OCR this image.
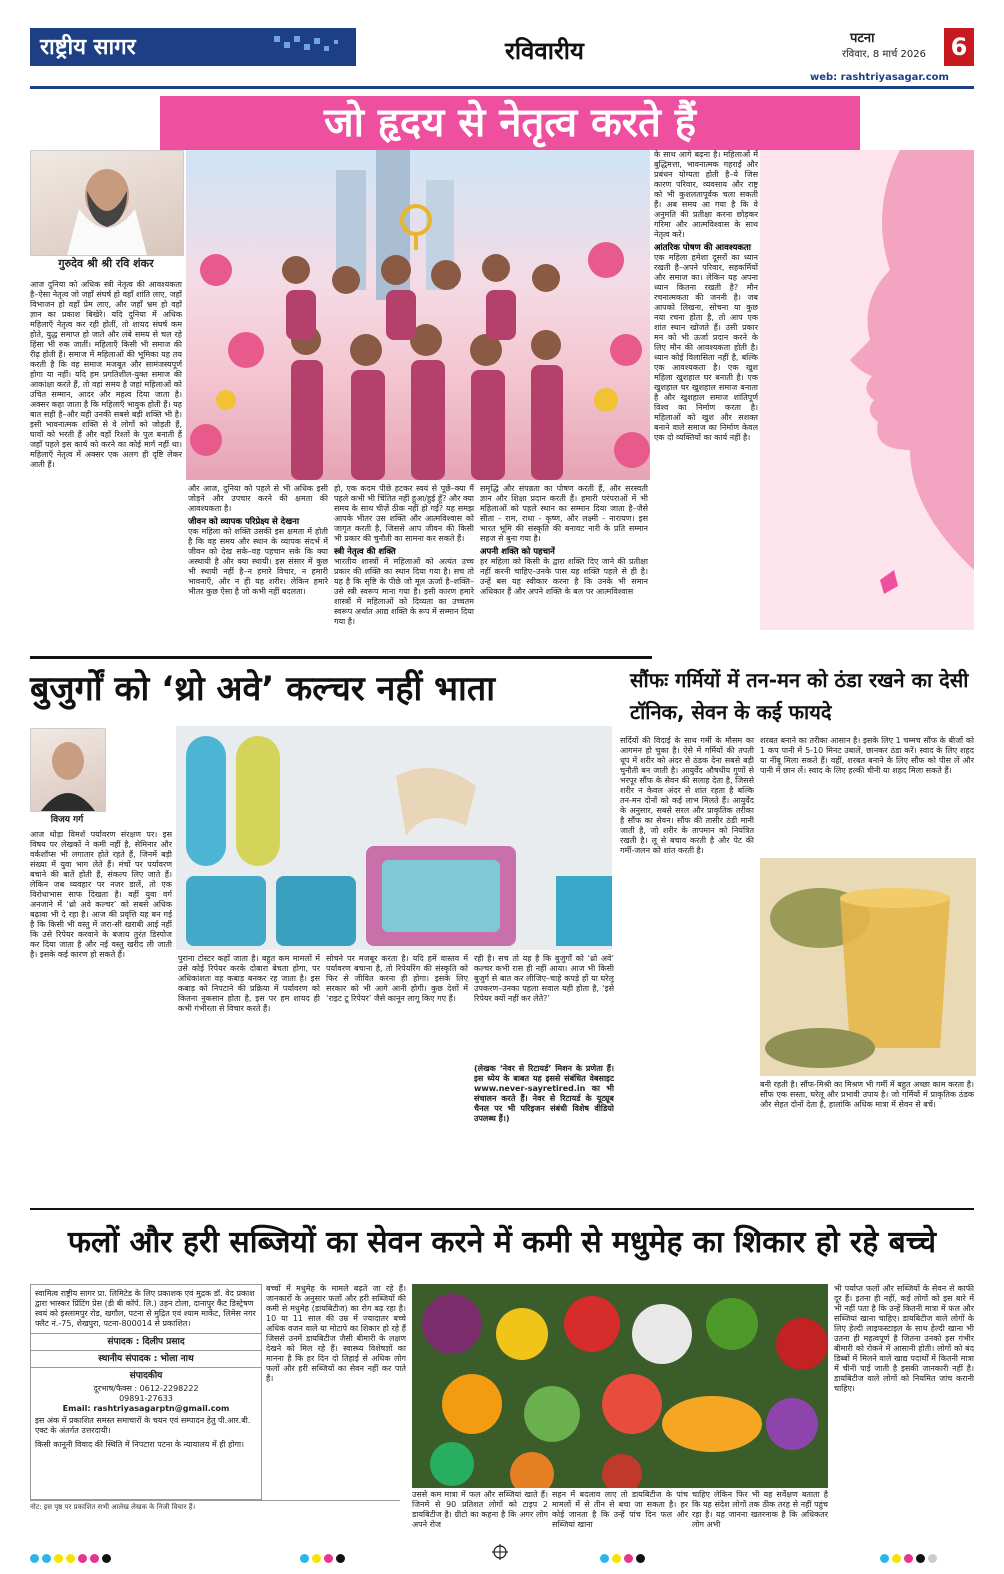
राष्ट्रीय सागर	रविवारीय	पटना
रविवार, 8 मार्च 2026 6
web: rashtriyasagar.com
जो हृदय से नेतृत्व करते हैं
गुरुदेव श्री श्री रवि शंकर
आज दुनिया को अधिक स्त्री नेतृत्व की आवश्यकता है–ऐसा नेतृत्व जो जहाँ संघर्ष हो वहाँ शांति लाए, जहाँ विभाजन हो वहाँ प्रेम लाए, और जहाँ भ्रम हो वहाँ ज्ञान का प्रकाश बिखेरे। यदि दुनिया में अधिक महिलाएँ नेतृत्व कर रही होतीं, तो शायद संघर्ष कम होते, युद्ध समाप्त हो जाते और लंबे समय से चल रहे हिंसा भी रुक जातीं। महिलाएँ किसी भी समाज की रीढ़ होती हैं। समाज में महिलाओं की भूमिका यह तय करती है कि वह समाज मजबूत और सामंजस्यपूर्ण होगा या नहीं। यदि हम प्रगतिशील-युक्त समाज की आकांक्षा करते हैं, तो वहां समय है जहां महिलाओं को उचित सम्मान, आदर और महत्व दिया जाता है। अक्सर कहा जाता है कि महिलाएँ भावुक होती हैं। यह बात सही है–और यही उनकी सबसे बड़ी शक्ति भी है। इसी भावनात्मक शक्ति से वे लोगों को जोड़ती हैं, घावों को भरती हैं और वहाँ रिश्तों के पुल बनाती हैं जहाँ पहले इस कार्य को करने का कोई मार्ग नहीं था। महिलाएँ नेतृत्व में अक्सर एक अलग ही दृष्टि लेकर आती हैं।
और आज, दुनिया को पहले से भी अधिक इसी जोड़ने और उपचार करने की क्षमता की आवश्यकता है।
जीवन को व्यापक परिप्रेक्ष्य से देखना
एक महिला को शक्ति उसकी इस क्षमता में होती है कि वह समय और स्थान के व्यापक संदर्भ में जीवन को देख सके–वह पहचान सके कि क्या अस्थायी है और क्या स्थायी। इस संसार में कुछ भी स्थायी नहीं है–न हमारे विचार, न हमारी भावनाएँ, और न ही यह शरीर। लेकिन हमारे भीतर कुछ ऐसा है जो कभी नहीं बदलता।
हो, एक कदम पीछे हटकर स्वयं से पूछें–क्या मैं पहले कभी भी चिंतित नहीं हुआ/हुई हूँ? और क्या समय के साथ चीज़ें ठीक नहीं हो गईं? यह समझ आपके भीतर उस शक्ति और आत्मविश्वास को जागृत करती है, जिससे आप जीवन की किसी भी प्रकार की चुनौती का सामना कर सकते हैं।
स्त्री नेतृत्व की शक्ति
भारतीय शास्त्रों में महिलाओं को अत्यंत उच्च प्रकार की शक्ति का स्थान दिया गया है। सच तो यह है कि सृष्टि के पीछे जो मूल ऊर्जा है–शक्ति–उसे स्त्री स्वरूप माना गया है। इसी कारण हमारे शास्त्रों में महिलाओं को दिव्यता का उच्चतम स्वरूप अर्थात आद्य शक्ति के रूप में सम्मान दिया गया है।
समृद्धि और संपन्नता का पोषण करती हैं, और सरस्वती ज्ञान और शिक्षा प्रदान करती हैं। हमारी परंपराओं में भी महिलाओं को पहले स्थान का सम्मान दिया जाता है–जैसे सीता - राम, राधा - कृष्ण, और लक्ष्मी - नारायण। इस भारत भूमि की संस्कृति की बनावट नारी के प्रति सम्मान सहज से बुना गया है।
अपनी शक्ति को पहचानें
हर महिला को किसी के द्वारा शक्ति दिए जाने की प्रतीक्षा नहीं करनी चाहिए–उनके पास यह शक्ति पहले से ही है। उन्हें बस यह स्वीकार करना है कि उनके भी समान अधिकार हैं और अपने शक्ति के बल पर आत्मविश्वास
के साथ आगे बढ़ना है। महिलाओं में बुद्धिमत्ता, भावनात्मक गहराई और प्रबंधन योग्यता होती है–ये जिस कारण परिवार, व्यवसाय और राष्ट्र को भी कुशलतापूर्वक चला सकती हैं। अब समय आ गया है कि वे अनुमति की प्रतीक्षा करना छोड़कर गरिमा और आत्मविश्वास के साथ नेतृत्व करें।
आंतरिक पोषण की आवश्यकता
एक महिला हमेशा दूसरों का ध्यान रखती है–अपने परिवार, सहकर्मियों और समाज का। लेकिन यह अपना ध्यान कितना रखती है? मौन रचनात्मकता की जननी है। जब आपको लिखना, सोचना या कुछ नया रचना होता है, तो आप एक शांत स्थान खोजते हैं। उसी प्रकार मन को भी ऊर्जा प्रदान करने के लिए मौन की आवश्यकता होती है। ध्यान कोई विलासिता नहीं है, बल्कि एक आवश्यकता है। एक खुश महिला खुशहाल घर बनाती है। एक खुशहाल घर खुशहाल समाज बनाता है और खुशहाल समाज शांतिपूर्ण विश्व का निर्माण करता है। महिलाओं को खुश और सशक्त बनाने वाले समाज का निर्माण केवल एक दो व्यक्तियों का कार्य नहीं है।
बुजुर्गों को ‘थ्रो अवे’ कल्चर नहीं भाता	सौंफः गर्मियों में तन-मन को ठंडा रखने का देसी टॉनिक, सेवन के कई फायदे
विजय गर्ग
आज थोड़ा विमर्श पर्यावरण संरक्षण पर। इस विषय पर लेखकों ने कमी नहीं है, सेमिनार और वर्कशॉप्स भी लगातार होते रहते हैं, जिनमें बड़ी संख्या में युवा भाग लेते हैं। मंचों पर पर्यावरण बचाने की बातें होती हैं, संकल्प लिए जाते हैं। लेकिन जब व्यवहार पर नजर डालें, तो एक विरोधाभास साफ दिखता है। वहीं युवा वर्ग अनजाने में ‘थ्रो अवे कल्चर’ को सबसे अधिक बढ़ावा भी दे रहा है। आज की प्रवृत्ति यह बन गई है कि किसी भी वस्तु में जरा-सी खराबी आई नहीं कि उसे रिपेयर करवाने के बजाय तुरंत डिस्पोज कर दिया जाता है और नई वस्तु खरीद ली जाती है। इसके कई कारण हो सकते हैं।	पुराना टोस्टर कहाँ जाता है। बहुत कम मामलों में उसे कोई रिपेयर करके दोबारा बेचता होगा, पर अधिकांशतः वह कबाड़ बनकर रह जाता है। इस कबाड़ को निपटाने की प्रक्रिया में पर्यावरण को कितना नुकसान होता है, इस पर हम शायद ही कभी गंभीरता से विचार करते हैं।
सोचने पर मजबूर करता है। यदि हमें वास्तव में पर्यावरण बचाना है, तो रिपेयरिंग की संस्कृति को फिर से जीवित करना ही होगा। इसके लिए सरकार को भी आगे आनी होगी। कुछ देशों में ‘राइट टू रिपेयर’ जैसे कानून लागू किए गए हैं।
रही है। सच तो यह है कि बुजुर्गों को ‘थ्रो अवे’ कल्चर कभी रास ही नहीं आया। आज भी किसी बुजुर्ग से बात कर लीजिए–चाहे कपड़े हों या घरेलू उपकरण–उनका पहला सवाल यही होता है, ‘इसे रिपेयर क्यों नहीं कर लेते?’
(लेखक ‘नेवर से रिटायर्ड’ मिशन के प्रणेता हैं। इस ध्येय के बाबत यह इससे संबंधित वेबसाइट www.never-sayretired.in का भी संचालन करते हैं। नेवर से रिटायर्ड के यूट्यूब चैनल पर भी परिइजन संबंधी विशेष वीडियो उपलब्ध हैं।)
सर्दियों की विदाई के साथ गर्मी के मौसम का आगमन हो चुका है। ऐसे में गर्मियों की तपती धूप में शरीर को अंदर से ठंडक देना सबसे बड़ी चुनौती बन जाती है। आयुर्वेद औषधीय गुणों से भरपूर सौंफ के सेवन की सलाह देता है, जिससे शरीर न केवल अंदर से शांत रहता है बल्कि तन-मन दोनों को कई लाभ मिलते हैं। आयुर्वेद के अनुसार, सबसे सरल और प्राकृतिक तरीका है सौंफ का सेवन। सौंफ की तासीर ठंडी मानी जाती है, जो शरीर के तापमान को नियंत्रित रखती है। लू से बचाव करती है और पेट की गर्मी-जलन को शांत करती है।
शरबत बनाने का तरीका आसान है। इसके लिए 1 चम्मच सौंफ के बीजों को 1 कप पानी में 5-10 मिनट उबालें, छानकर ठंडा करें। स्वाद के लिए शहद या नींबू मिला सकते हैं। वहीं, शरबत बनाने के लिए सौंफ को पीस लें और पानी में छान लें। स्वाद के लिए हल्की चीनी या शहद मिला सकते हैं।
बनी रहती है। सौंफ-मिश्री का मिश्रण भी गर्मी में बहुत अच्छा काम करता है। सौंफ एक सस्ता, घरेलू और प्रभावी उपाय है। जो गर्मियों में प्राकृतिक ठंडक और सेहत दोनों देता है, हालांकि अधिक मात्रा में सेवन से बचें।
फलों और हरी सब्जियों का सेवन करने में कमी से मधुमेह का शिकार हो रहे बच्चे
स्वामित्व राष्ट्रीय सागर प्रा. लिमिटेड के लिए प्रकाशक एवं मुद्रक डॉ. वेद प्रकाश द्वारा भास्कर प्रिंटिंग प्रेस (डी बी कॉर्प. लि.) उड़न टोला, दानापुर कैंट डिस्ट्रेषण स्वयं को इस्लामपुर रोड, खगौल, पटना से मुद्रित एवं श्याम मार्केट, लिमेस नगर फ्लैट नं.-75, शेखपुरा, पटना-800014 से प्रकाशित।
संपादक : दिलीप प्रसाद
स्थानीय संपादक : भोला नाथ
संपादकीय
दूरभाष/फैक्स : 0612-2298222
09891-27633
Email: rashtriyasagarptn@gmail.com
इस अंक में प्रकाशित समस्त समाचारों के चयन एवं सम्पादन हेतु पी.आर.बी. एक्ट के अंतर्गत उत्तरदायी।
किसी कानूनी विवाद की स्थिति में निपटारा पटना के न्यायालय में ही होगा।
बच्चों में मधुमेह के मामले बढ़ते जा रहे हैं। जानकारों के अनुसार फलों और हरी सब्जियों की कमी से मधुमेह (डायबिटीज) का रोग बढ़ रहा है। 10 या 11 साल की उम्र में ज्यादातर बच्चे अधिक वजन वाले या मोटापे का शिकार हो रहे हैं जिससे उनमें डायबिटीज जैसी बीमारी के लक्षण देखने को मिल रहे हैं। स्वास्थ्य विशेषज्ञों का मानना है कि हर दिन दो तिहाई से अधिक लोग फलों और हरी सब्जियों का सेवन नहीं कर पाते हैं।
उससे कम मात्रा में फल और सब्जियां खाते हैं। जिनमें से 90 प्रतिशत लोगों को टाइप 2 डायबिटीज है। ग्रीटो का कहना है कि अगर लोग अपने रोज
सहन में बदलाव लाए तो डायबिटीज के पांच मामलों में से तीन से बचा जा सकता है। हर कोई जानता है कि उन्हें पांच दिन फल और सब्जियां खाना
चाहिए लेकिन फिर भी यह सर्वेक्षण बताता है कि यह संदेश लोगों तक ठीक तरह से नहीं पहुंच रहा है। यह जानना खतरनाक है कि अधिकतर लोग अभी
भी पर्याप्त फलों और सब्जियों के सेवन से काफी दूर हैं। इतना ही नहीं, कई लोगों को इस बारे में भी नहीं पता है कि उन्हें कितनी मात्रा में फल और सब्जियां खाना चाहिए। डायबिटीज वाले लोगों के लिए हेल्दी लाइफस्टाइल के साथ हेल्दी खाना भी उतना ही महत्वपूर्ण है जितना उनको इस गंभीर बीमारी को रोकने में आसानी होती। लोगों को बंद डिब्बों में मिलने वाले खाद्य पदार्थों में कितनी मात्रा में चीनी पाई जाती है इसकी जानकारी नहीं है। डायबिटीज वाले लोगों को नियमित जांच करानी चाहिए।
नोट: इस पृष्ठ पर प्रकाशित सभी आलेख लेखक के निजी विचार हैं।
